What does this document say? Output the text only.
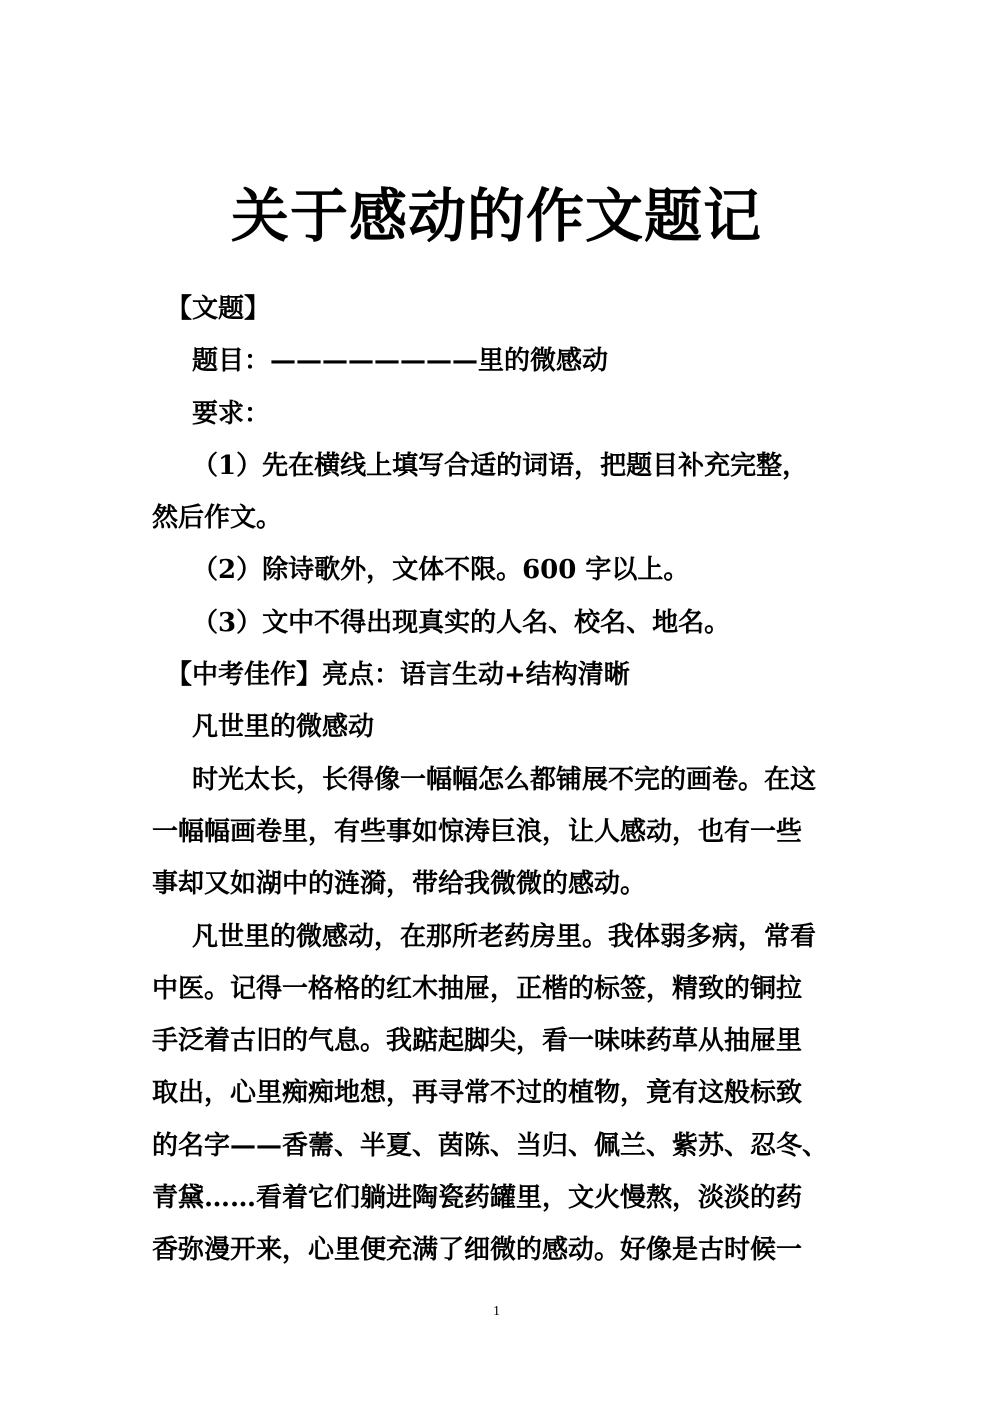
关于感动的作文题记
【文题】
题目：————————里的微感动
要求：
（1）先在横线上填写合适的词语，把题目补充完整，
然后作文。
（2）除诗歌外，文体不限。600 字以上。
（3）文中不得出现真实的人名、校名、地名。
【中考佳作】亮点：语言生动+结构清晰
凡世里的微感动
时光太长，长得像一幅幅怎么都铺展不完的画卷。在这
一幅幅画卷里，有些事如惊涛巨浪，让人感动，也有一些
事却又如湖中的涟漪，带给我微微的感动。
凡世里的微感动，在那所老药房里。我体弱多病，常看
中医。记得一格格的红木抽屉，正楷的标签，精致的铜拉
手泛着古旧的气息。我踮起脚尖，看一味味药草从抽屉里
取出，心里痴痴地想，再寻常不过的植物，竟有这般标致
的名字——香薷、半夏、茵陈、当归、佩兰、紫苏、忍冬、
青黛……看着它们躺进陶瓷药罐里，文火慢熬，淡淡的药
香弥漫开来，心里便充满了细微的感动。好像是古时候一
1
